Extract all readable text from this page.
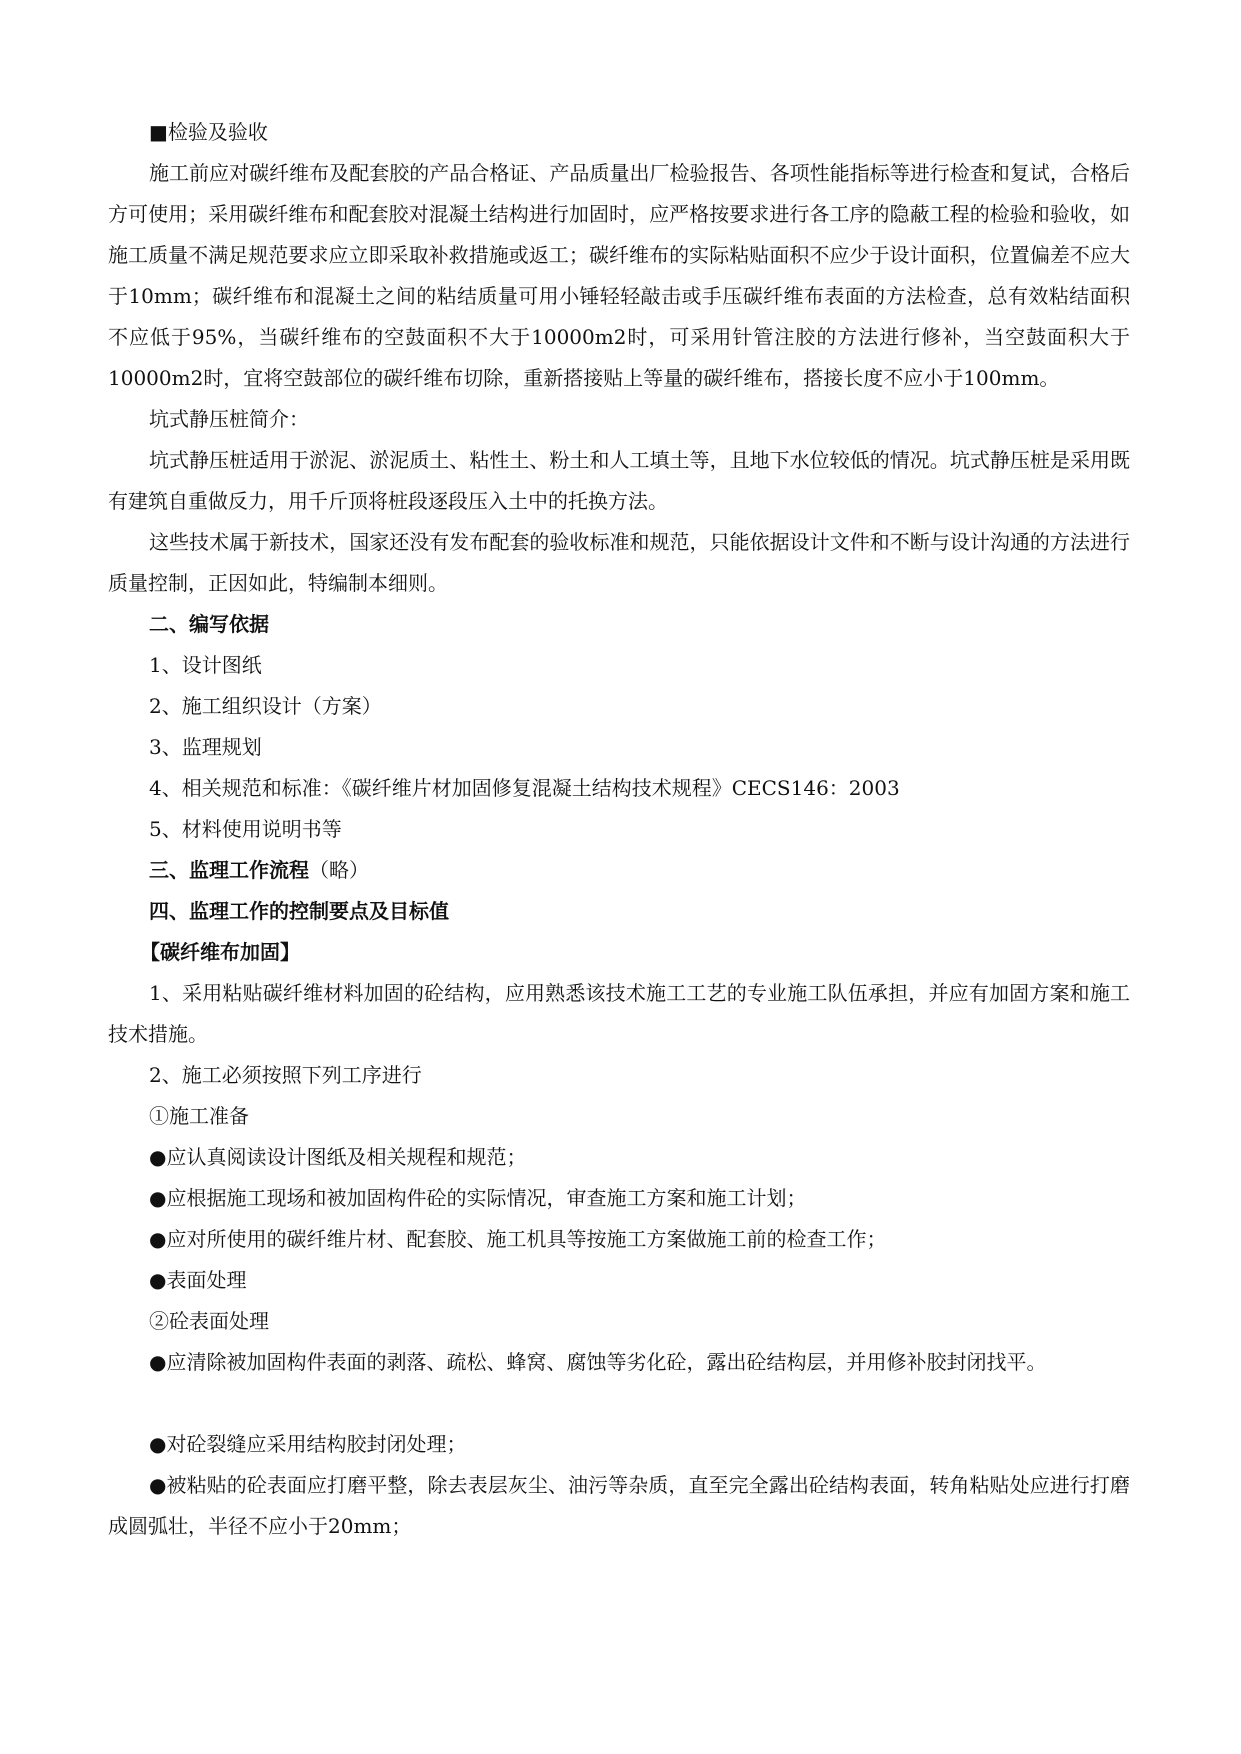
■检验及验收

施工前应对碳纤维布及配套胶的产品合格证、产品质量出厂检验报告、各项性能指标等进行检查和复试，合格后方可使用；采用碳纤维布和配套胶对混凝土结构进行加固时，应严格按要求进行各工序的隐蔽工程的检验和验收，如施工质量不满足规范要求应立即采取补救措施或返工；碳纤维布的实际粘贴面积不应少于设计面积，位置偏差不应大于10mm；碳纤维布和混凝土之间的粘结质量可用小锤轻轻敲击或手压碳纤维布表面的方法检查，总有效粘结面积不应低于95%，当碳纤维布的空鼓面积不大于10000m2时，可采用针管注胶的方法进行修补，当空鼓面积大于10000m2时，宜将空鼓部位的碳纤维布切除，重新搭接贴上等量的碳纤维布，搭接长度不应小于100mm。

坑式静压桩简介：

坑式静压桩适用于淤泥、淤泥质土、粘性土、粉土和人工填土等，且地下水位较低的情况。坑式静压桩是采用既有建筑自重做反力，用千斤顶将桩段逐段压入土中的托换方法。

这些技术属于新技术，国家还没有发布配套的验收标准和规范，只能依据设计文件和不断与设计沟通的方法进行质量控制，正因如此，特编制本细则。

二、编写依据

1、设计图纸

2、施工组织设计（方案）

3、监理规划

4、相关规范和标准：《碳纤维片材加固修复混凝土结构技术规程》CECS146：2003

5、材料使用说明书等

三、监理工作流程（略）

四、监理工作的控制要点及目标值

【碳纤维布加固】

1、采用粘贴碳纤维材料加固的砼结构，应用熟悉该技术施工工艺的专业施工队伍承担，并应有加固方案和施工技术措施。

2、施工必须按照下列工序进行

①施工准备

●应认真阅读设计图纸及相关规程和规范；

●应根据施工现场和被加固构件砼的实际情况，审查施工方案和施工计划；

●应对所使用的碳纤维片材、配套胶、施工机具等按施工方案做施工前的检查工作；

●表面处理

②砼表面处理

●应清除被加固构件表面的剥落、疏松、蜂窝、腐蚀等劣化砼，露出砼结构层，并用修补胶封闭找平。

●对砼裂缝应采用结构胶封闭处理；

●被粘贴的砼表面应打磨平整，除去表层灰尘、油污等杂质，直至完全露出砼结构表面，转角粘贴处应进行打磨成圆弧壮，半径不应小于20mm；
